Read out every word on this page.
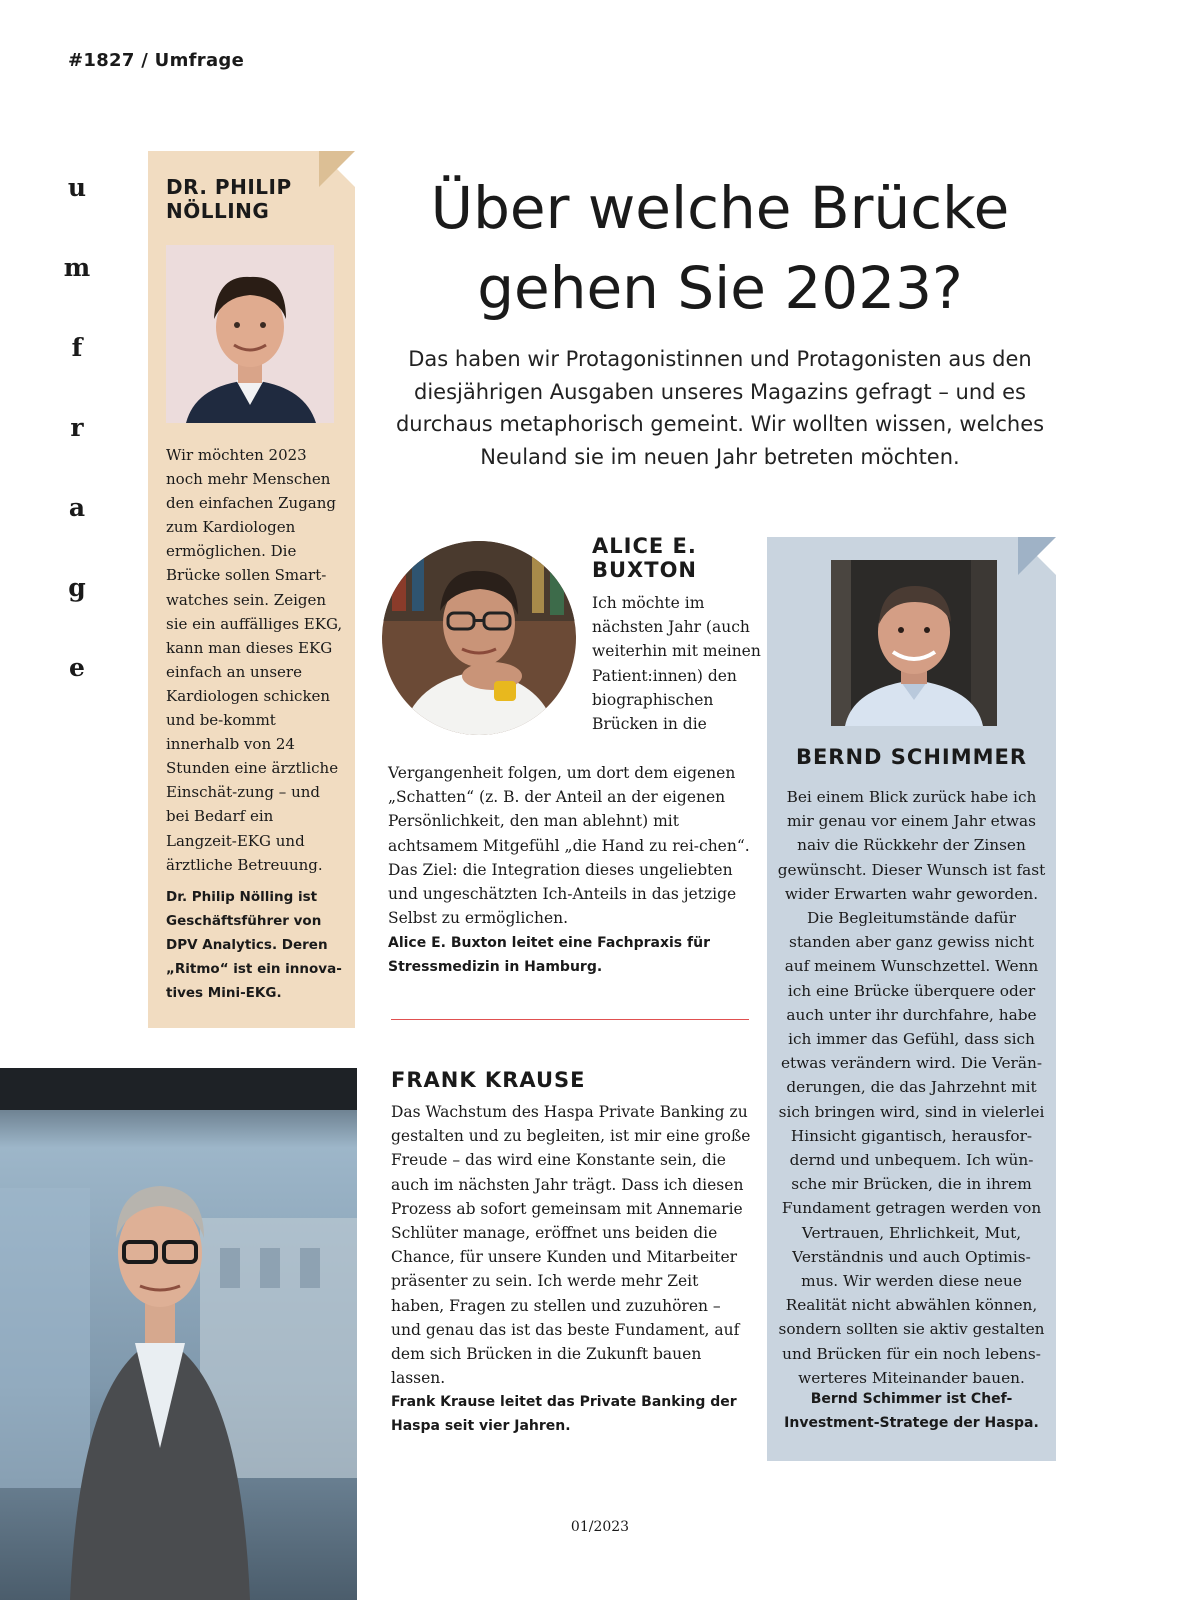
#1827 / Umfrage
u
m
f
r
a
g
e
DR. PHILIP
NÖLLING
Wir möchten 2023 noch mehr Menschen den einfachen Zugang zum Kardiologen ermöglichen. Die Brücke sollen Smart-watches sein. Zeigen sie ein auffälliges EKG, kann man dieses EKG einfach an unsere Kardiologen schicken und be-kommt innerhalb von 24 Stunden eine ärztliche Einschät-zung – und bei Bedarf ein Langzeit-EKG und ärztliche Betreuung.
Dr. Philip Nölling ist Geschäftsführer von DPV Analytics. Deren „Ritmo“ ist ein innova-tives Mini-EKG.
Über welche Brücke
gehen Sie 2023?
Das haben wir Protagonistinnen und Protagonisten aus den diesjährigen Ausgaben unseres Magazins gefragt – und es durchaus metaphorisch gemeint. Wir wollten wissen, welches Neuland sie im neuen Jahr betreten möchten.
ALICE E.
BUXTON
Ich möchte im nächsten Jahr (auch weiterhin mit meinen Patient:innen) den biographischen Brücken in die
Vergangenheit folgen, um dort dem eigenen „Schatten“ (z. B. der Anteil an der eigenen Persönlichkeit, den man ablehnt) mit achtsamem Mitgefühl „die Hand zu rei-chen“. Das Ziel: die Integration dieses ungeliebten und ungeschätzten Ich-Anteils in das jetzige Selbst zu ermöglichen.
Alice E. Buxton leitet eine Fachpraxis für Stressmedizin in Hamburg.
FRANK KRAUSE
Das Wachstum des Haspa Private Banking zu gestalten und zu begleiten, ist mir eine große Freude – das wird eine Konstante sein, die auch im nächsten Jahr trägt. Dass ich diesen Prozess ab sofort gemeinsam mit Annemarie Schlüter manage, eröffnet uns beiden die Chance, für unsere Kunden und Mitarbeiter präsenter zu sein. Ich werde mehr Zeit haben, Fragen zu stellen und zuzuhören – und genau das ist das beste Fundament, auf dem sich Brücken in die Zukunft bauen lassen.
Frank Krause leitet das Private Banking der Haspa seit vier Jahren.
BERND SCHIMMER
Bei einem Blick zurück habe ich mir genau vor einem Jahr etwas naiv die Rückkehr der Zinsen gewünscht. Dieser Wunsch ist fast wider Erwarten wahr geworden. Die Begleitumstände dafür standen aber ganz gewiss nicht auf meinem Wunschzettel. Wenn ich eine Brücke überquere oder auch unter ihr durchfahre, habe ich immer das Gefühl, dass sich etwas verändern wird. Die Verän-derungen, die das Jahrzehnt mit sich bringen wird, sind in vielerlei Hinsicht gigantisch, herausfor-dernd und unbequem. Ich wün-sche mir Brücken, die in ihrem Fundament getragen werden von Vertrauen, Ehrlichkeit, Mut, Verständnis und auch Optimis-mus. Wir werden diese neue Realität nicht abwählen können, sondern sollten sie aktiv gestalten und Brücken für ein noch lebens-werteres Miteinander bauen.
Bernd Schimmer ist Chef-Investment-Stratege der Haspa.
01/2023
